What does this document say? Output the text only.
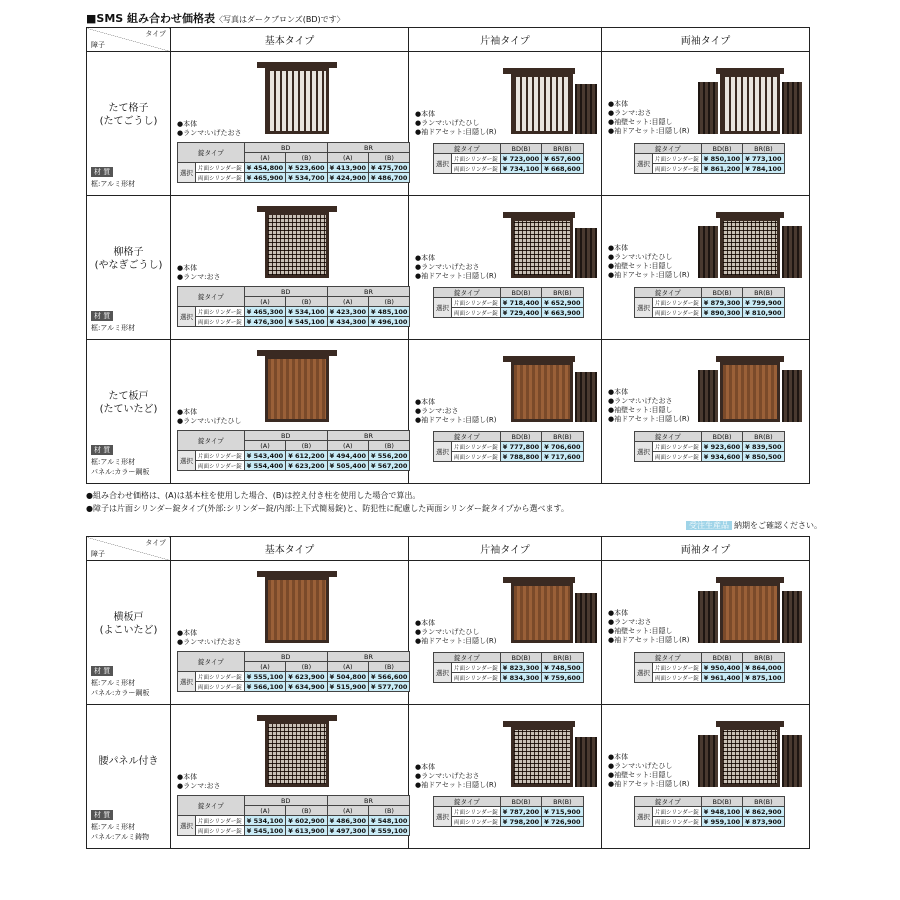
■SMS 組み合わせ価格表〈写真はダークブロンズ(BD)です〉
タイプ
障子	基本タイプ	片袖タイプ	両袖タイプ

たて格子
(たてごうし)
材 質
框:アルミ形材

●本体
●ランマ:いげたおさ
錠タイプ	BD	BR
(A)	(B)	(A)	(B)
選択	片面シリンダー錠	¥ 454,800	¥ 523,600	¥ 413,900	¥ 475,700
両面シリンダー錠	¥ 465,900	¥ 534,700	¥ 424,900	¥ 486,700

●本体
●ランマ:いげたひし
●袖ドアセット:目隠し(R)
錠タイプ	BD(B)	BR(B)
選択	片面シリンダー錠	¥ 723,000	¥ 657,600
両面シリンダー錠	¥ 734,100	¥ 668,600

●本体
●ランマ:おさ
●袖壁セット:目隠し
●袖ドアセット:目隠し(R)
錠タイプ	BD(B)	BR(B)
選択	片面シリンダー錠	¥ 850,100	¥ 773,100
両面シリンダー錠	¥ 861,200	¥ 784,100

柳格子
(やなぎごうし)
材 質
框:アルミ形材

●本体
●ランマ:おさ
錠タイプ	BD	BR
(A)	(B)	(A)	(B)
選択	片面シリンダー錠	¥ 465,300	¥ 534,100	¥ 423,300	¥ 485,100
両面シリンダー錠	¥ 476,300	¥ 545,100	¥ 434,300	¥ 496,100

●本体
●ランマ:いげたおさ
●袖ドアセット:目隠し(R)
錠タイプ	BD(B)	BR(B)
選択	片面シリンダー錠	¥ 718,400	¥ 652,900
両面シリンダー錠	¥ 729,400	¥ 663,900

●本体
●ランマ:いげたひし
●袖壁セット:目隠し
●袖ドアセット:目隠し(R)
錠タイプ	BD(B)	BR(B)
選択	片面シリンダー錠	¥ 879,300	¥ 799,900
両面シリンダー錠	¥ 890,300	¥ 810,900

たて板戸
(たていたど)
材 質
框:アルミ形材
パネル:カラー鋼板

●本体
●ランマ:いげたひし
錠タイプ	BD	BR
(A)	(B)	(A)	(B)
選択	片面シリンダー錠	¥ 543,400	¥ 612,200	¥ 494,400	¥ 556,200
両面シリンダー錠	¥ 554,400	¥ 623,200	¥ 505,400	¥ 567,200

●本体
●ランマ:おさ
●袖ドアセット:目隠し(R)
錠タイプ	BD(B)	BR(B)
選択	片面シリンダー錠	¥ 777,800	¥ 706,600
両面シリンダー錠	¥ 788,800	¥ 717,600

●本体
●ランマ:いげたおさ
●袖壁セット:目隠し
●袖ドアセット:目隠し(R)
錠タイプ	BD(B)	BR(B)
選択	片面シリンダー錠	¥ 923,600	¥ 839,500
両面シリンダー錠	¥ 934,600	¥ 850,500
●組み合わせ価格は、(A)は基本柱を使用した場合、(B)は控え付き柱を使用した場合で算出。
●障子は片面シリンダー錠タイプ(外部:シリンダー錠/内部:上下式簡易錠)と、防犯性に配慮した両面シリンダー錠タイプから選べます。
受注生産品 納期をご確認ください。
タイプ
障子	基本タイプ	片袖タイプ	両袖タイプ

横板戸
(よこいたど)
材 質
框:アルミ形材
パネル:カラー鋼板

●本体
●ランマ:いげたおさ
錠タイプ	BD	BR
(A)	(B)	(A)	(B)
選択	片面シリンダー錠	¥ 555,100	¥ 623,900	¥ 504,800	¥ 566,600
両面シリンダー錠	¥ 566,100	¥ 634,900	¥ 515,900	¥ 577,700

●本体
●ランマ:いげたひし
●袖ドアセット:目隠し(R)
錠タイプ	BD(B)	BR(B)
選択	片面シリンダー錠	¥ 823,300	¥ 748,500
両面シリンダー錠	¥ 834,300	¥ 759,600

●本体
●ランマ:おさ
●袖壁セット:目隠し
●袖ドアセット:目隠し(R)
錠タイプ	BD(B)	BR(B)
選択	片面シリンダー錠	¥ 950,400	¥ 864,000
両面シリンダー錠	¥ 961,400	¥ 875,100

腰パネル付き
材 質
框:アルミ形材
パネル:アルミ鋳物

●本体
●ランマ:おさ
錠タイプ	BD	BR
(A)	(B)	(A)	(B)
選択	片面シリンダー錠	¥ 534,100	¥ 602,900	¥ 486,300	¥ 548,100
両面シリンダー錠	¥ 545,100	¥ 613,900	¥ 497,300	¥ 559,100

●本体
●ランマ:いげたおさ
●袖ドアセット:目隠し(R)
錠タイプ	BD(B)	BR(B)
選択	片面シリンダー錠	¥ 787,200	¥ 715,900
両面シリンダー錠	¥ 798,200	¥ 726,900

●本体
●ランマ:いげたひし
●袖壁セット:目隠し
●袖ドアセット:目隠し(R)
錠タイプ	BD(B)	BR(B)
選択	片面シリンダー錠	¥ 948,100	¥ 862,900
両面シリンダー錠	¥ 959,100	¥ 873,900
